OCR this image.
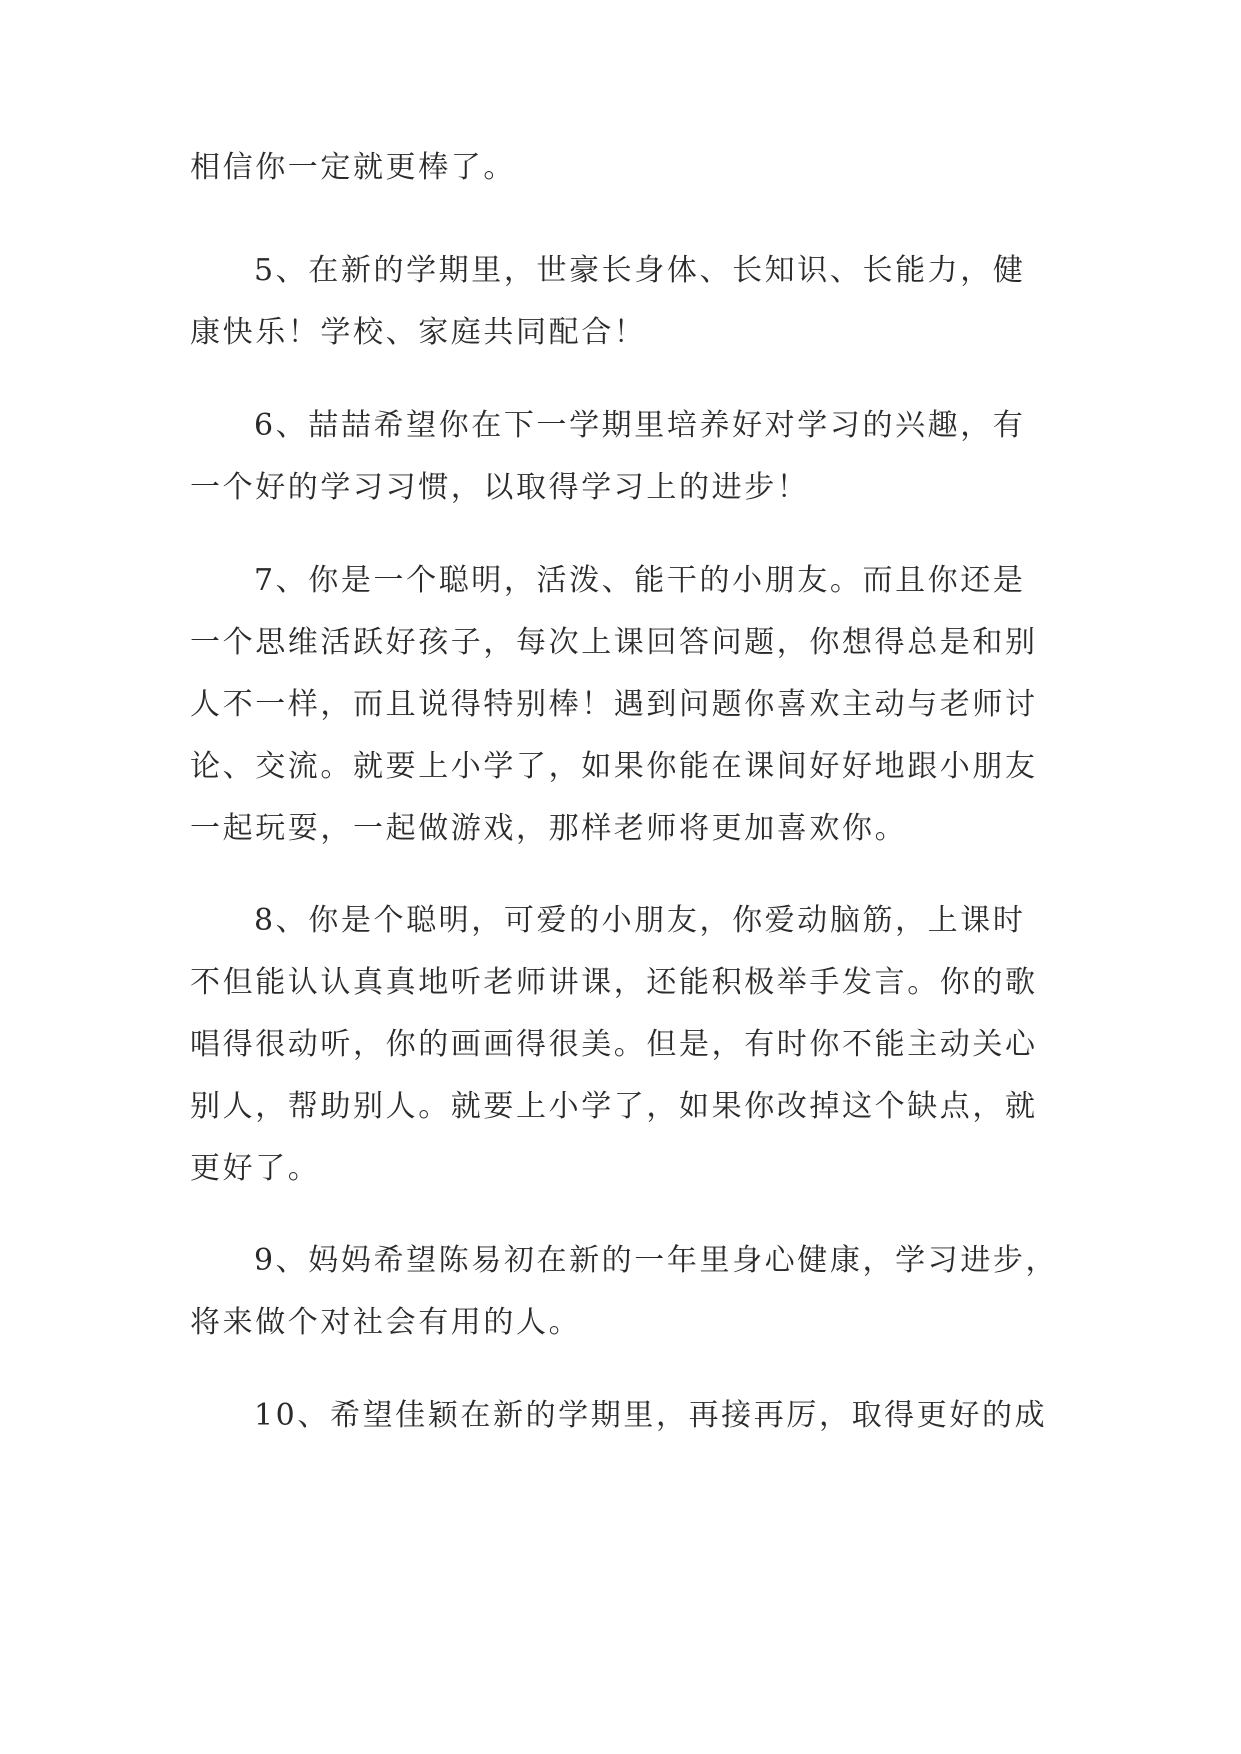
相信你一定就更棒了。

5、在新的学期里，世豪长身体、长知识、长能力，健
康快乐！学校、家庭共同配合！

6、喆喆希望你在下一学期里培养好对学习的兴趣，有
一个好的学习习惯，以取得学习上的进步！

7、你是一个聪明，活泼、能干的小朋友。而且你还是
一个思维活跃好孩子，每次上课回答问题，你想得总是和别
人不一样，而且说得特别棒！遇到问题你喜欢主动与老师讨
论、交流。就要上小学了，如果你能在课间好好地跟小朋友
一起玩耍，一起做游戏，那样老师将更加喜欢你。

8、你是个聪明，可爱的小朋友，你爱动脑筋，上课时
不但能认认真真地听老师讲课，还能积极举手发言。你的歌
唱得很动听，你的画画得很美。但是，有时你不能主动关心
别人，帮助别人。就要上小学了，如果你改掉这个缺点，就
更好了。

9、妈妈希望陈易初在新的一年里身心健康，学习进步，
将来做个对社会有用的人。

10、希望佳颖在新的学期里，再接再厉，取得更好的成
